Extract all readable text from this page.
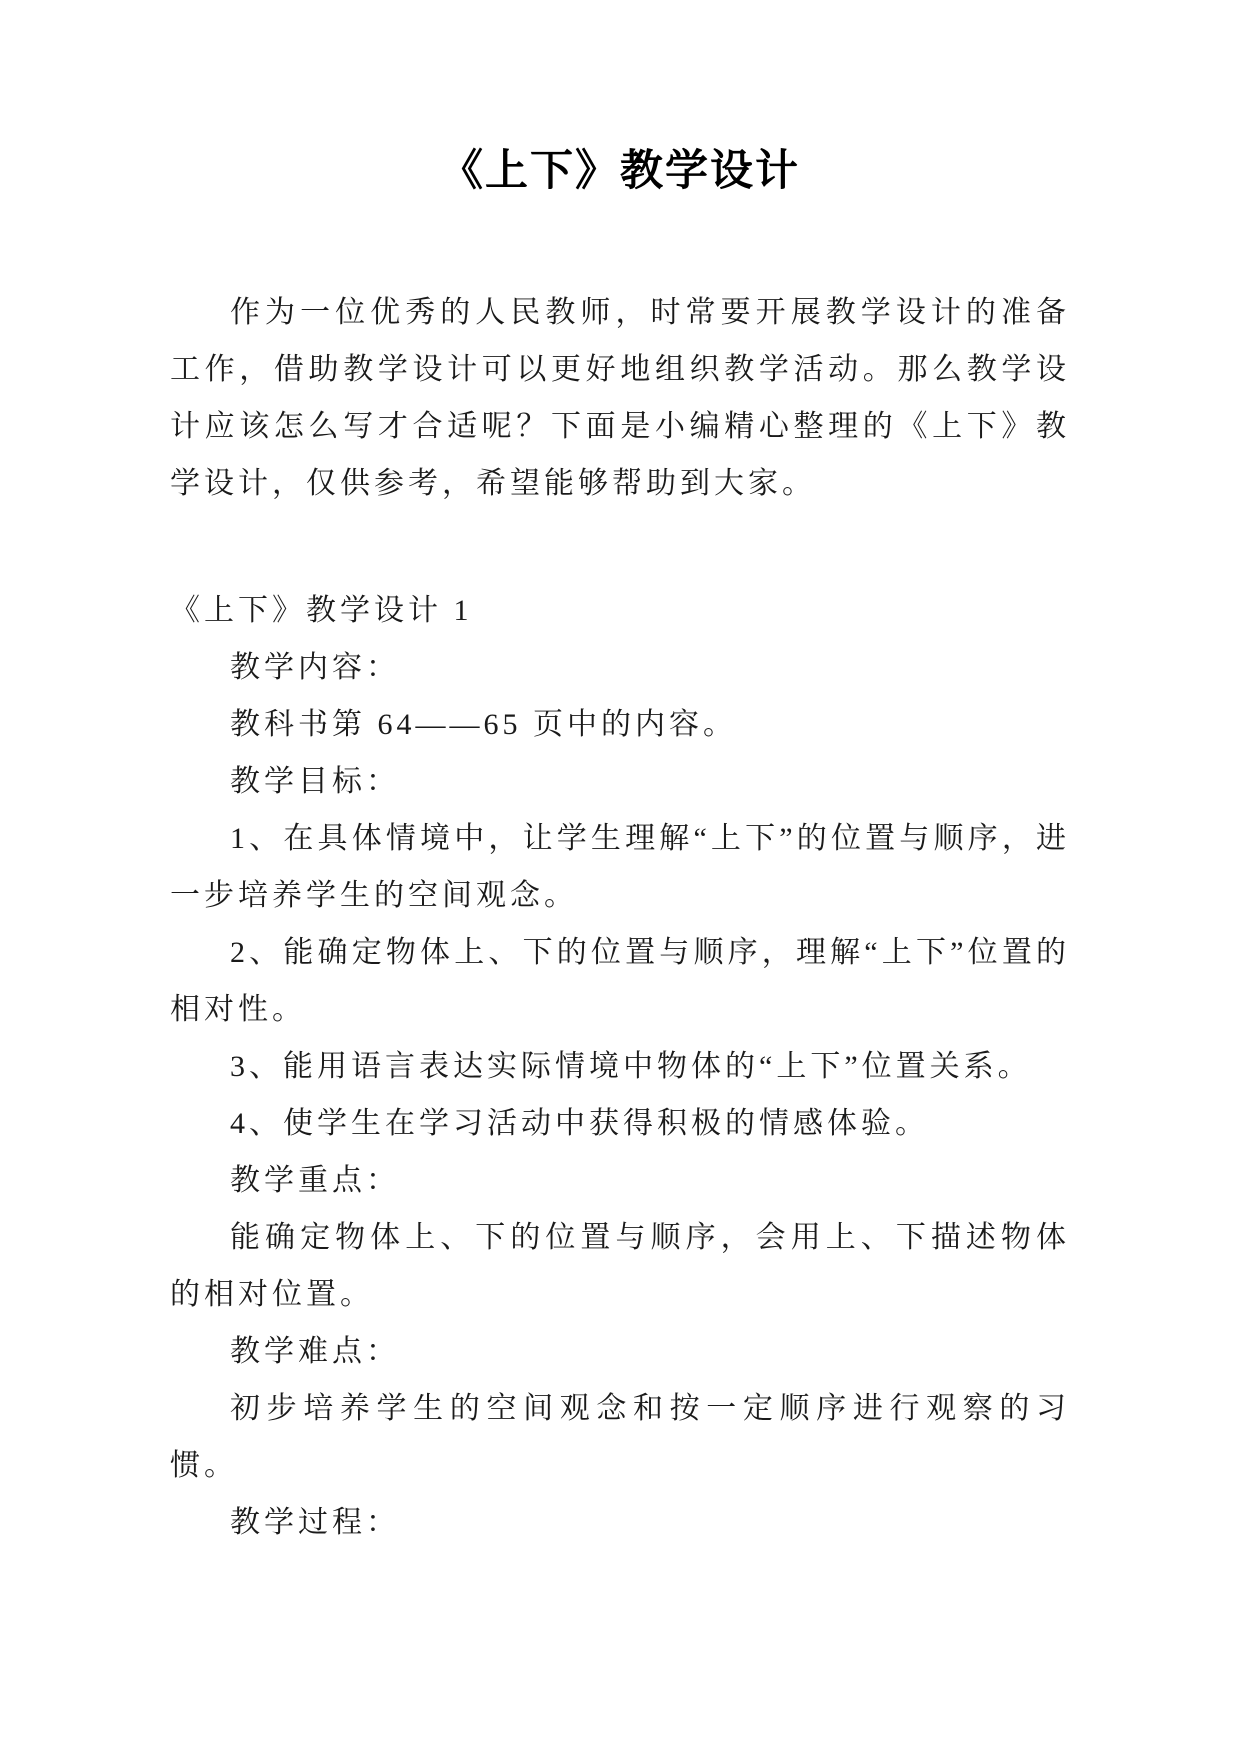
《上下》教学设计

作为一位优秀的人民教师，时常要开展教学设计的准备工作，借助教学设计可以更好地组织教学活动。那么教学设计应该怎么写才合适呢？下面是小编精心整理的《上下》教学设计，仅供参考，希望能够帮助到大家。

《上下》教学设计 1

教学内容：

教科书第 64——65 页中的内容。

教学目标：

1、在具体情境中，让学生理解“上下”的位置与顺序，进一步培养学生的空间观念。

2、能确定物体上、下的位置与顺序，理解“上下”位置的相对性。

3、能用语言表达实际情境中物体的“上下”位置关系。

4、使学生在学习活动中获得积极的情感体验。

教学重点：

能确定物体上、下的位置与顺序，会用上、下描述物体的相对位置。

教学难点：

初步培养学生的空间观念和按一定顺序进行观察的习惯。

教学过程：
